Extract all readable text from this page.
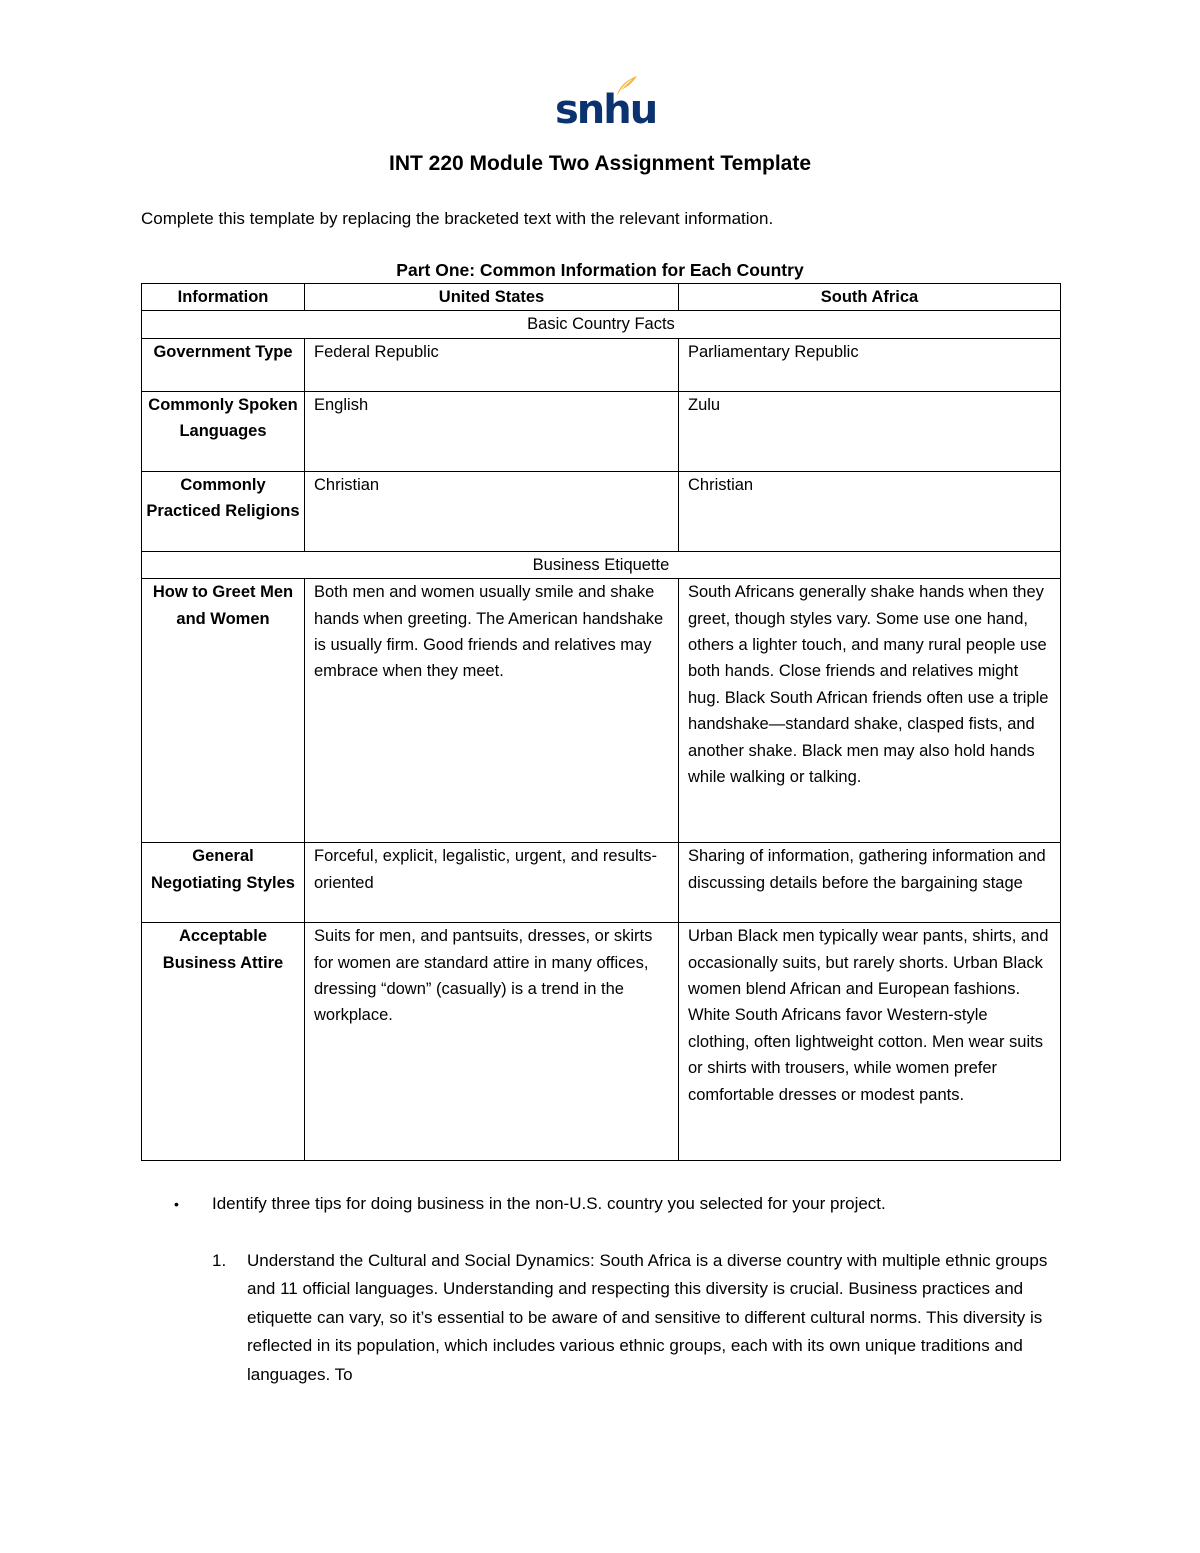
snhu
INT 220 Module Two Assignment Template
Complete this template by replacing the bracketed text with the relevant information.
Part One: Common Information for Each Country
Information	United States	South Africa
Basic Country Facts		
Government Type	Federal Republic	Parliamentary Republic
Commonly Spoken Languages	English	Zulu
Commonly Practiced Religions	Christian	Christian
Business Etiquette		
How to Greet Men and Women	Both men and women usually smile and shake hands when greeting. The American handshake is usually firm. Good friends and relatives may embrace when they meet.	South Africans generally shake hands when they greet, though styles vary. Some use one hand, others a lighter touch, and many rural people use both hands. Close friends and relatives might hug. Black South African friends often use a triple handshake—standard shake, clasped fists, and another shake. Black men may also hold hands while walking or talking.
General Negotiating Styles	Forceful, explicit, legalistic, urgent, and results-oriented	Sharing of information, gathering information and discussing details before the bargaining stage
Acceptable Business Attire	Suits for men, and pantsuits, dresses, or skirts for women are standard attire in many offices, dressing “down” (casually) is a trend in the workplace.	Urban Black men typically wear pants, shirts, and occasionally suits, but rarely shorts. Urban Black women blend African and European fashions. White South Africans favor Western-style clothing, often lightweight cotton. Men wear suits or shirts with trousers, while women prefer comfortable dresses or modest pants.
•	Identify three tips for doing business in the non-U.S. country you selected for your project.
1.	Understand the Cultural and Social Dynamics: South Africa is a diverse country with multiple ethnic groups and 11 official languages. Understanding and respecting this diversity is crucial. Business practices and etiquette can vary, so it’s essential to be aware of and sensitive to different cultural norms. This diversity is reflected in its population, which includes various ethnic groups, each with its own unique traditions and languages. To
